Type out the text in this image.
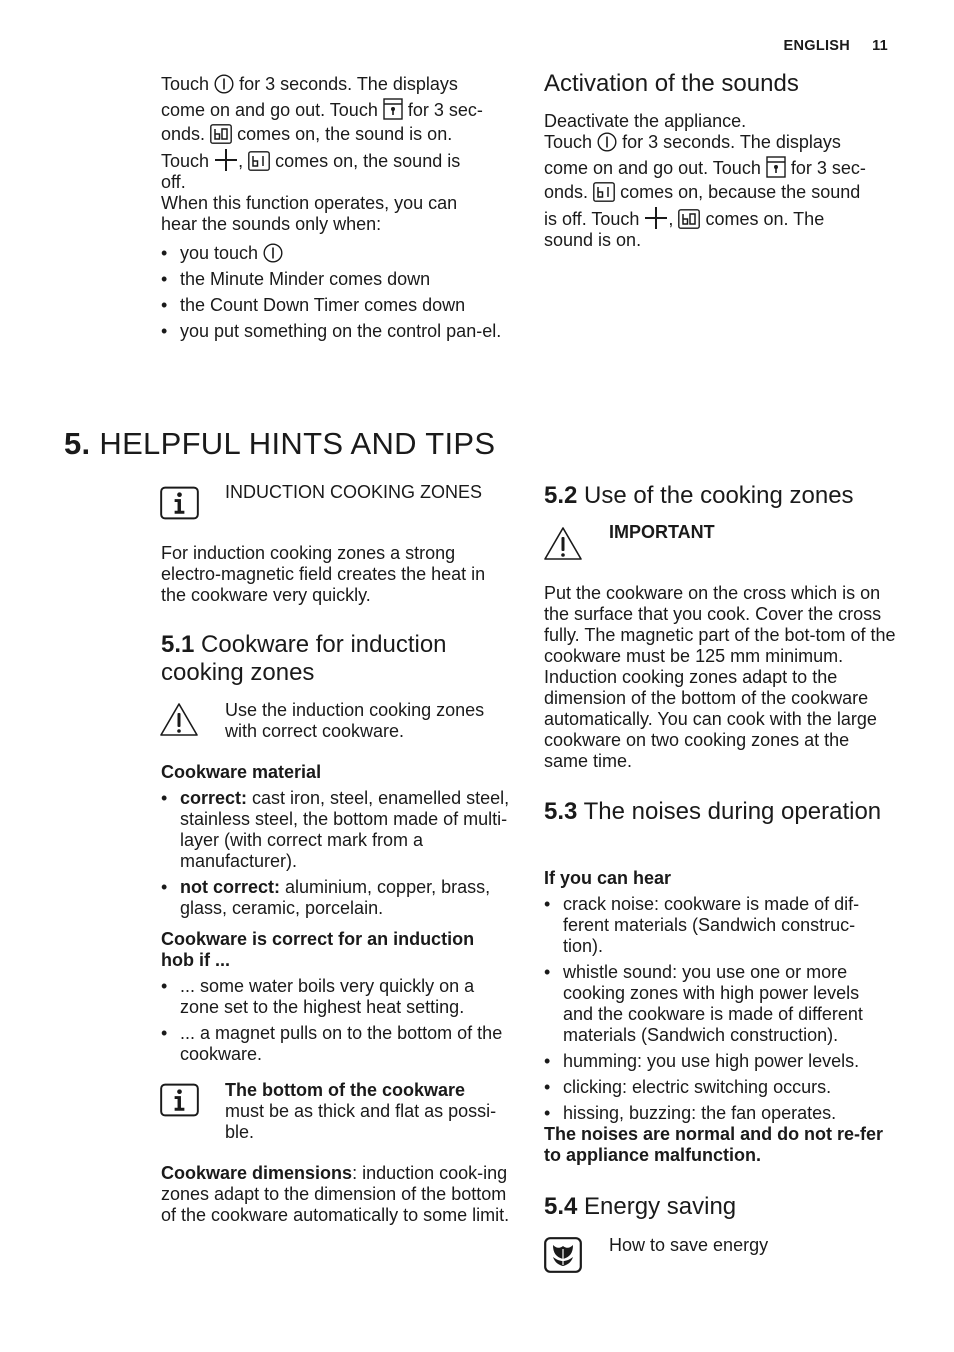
ENGLISH 11
Touch for 3 seconds. The displays
come on and go out. Touch for 3 sec-
onds. comes on, the sound is on.
Touch , comes on, the sound is
off.
When this function operates, you can
hear the sounds only when:
• you touch
• the Minute Minder comes down
• the Count Down Timer comes down
• you put something on the control pan-el.
Activation of the sounds
Deactivate the appliance.
Touch for 3 seconds. The displays
come on and go out. Touch for 3 sec-
onds. comes on, because the sound
is off. Touch , comes on. The
sound is on.
5. HELPFUL HINTS AND TIPS
INDUCTION COOKING ZONES
For induction cooking zones a strong electro-magnetic field creates the heat in the cookware very quickly.
5.1 Cookware for induction cooking zones
Use the induction cooking zones with correct cookware.
Cookware material
• correct: cast iron, steel, enamelled steel, stainless steel, the bottom made of multi-layer (with correct mark from a manufacturer).
• not correct: aluminium, copper, brass, glass, ceramic, porcelain.
Cookware is correct for an induction hob if ...
• ... some water boils very quickly on a zone set to the highest heat setting.
• ... a magnet pulls on to the bottom of the cookware.
The bottom of the cookware
must be as thick and flat as possi-ble.
Cookware dimensions: induction cook-ing zones adapt to the dimension of the bottom of the cookware automatically to some limit.
5.2 Use of the cooking zones
IMPORTANT
Put the cookware on the cross which is on the surface that you cook. Cover the cross fully. The magnetic part of the bot-tom of the cookware must be 125 mm minimum. Induction cooking zones adapt to the dimension of the bottom of the cookware automatically. You can cook with the large cookware on two cooking zones at the same time.
5.3 The noises during operation
If you can hear
• crack noise: cookware is made of dif-ferent materials (Sandwich construc-tion).
• whistle sound: you use one or more cooking zones with high power levels and the cookware is made of different materials (Sandwich construction).
• humming: you use high power levels.
• clicking: electric switching occurs.
• hissing, buzzing: the fan operates.
The noises are normal and do not re-fer to appliance malfunction.
5.4 Energy saving
How to save energy
